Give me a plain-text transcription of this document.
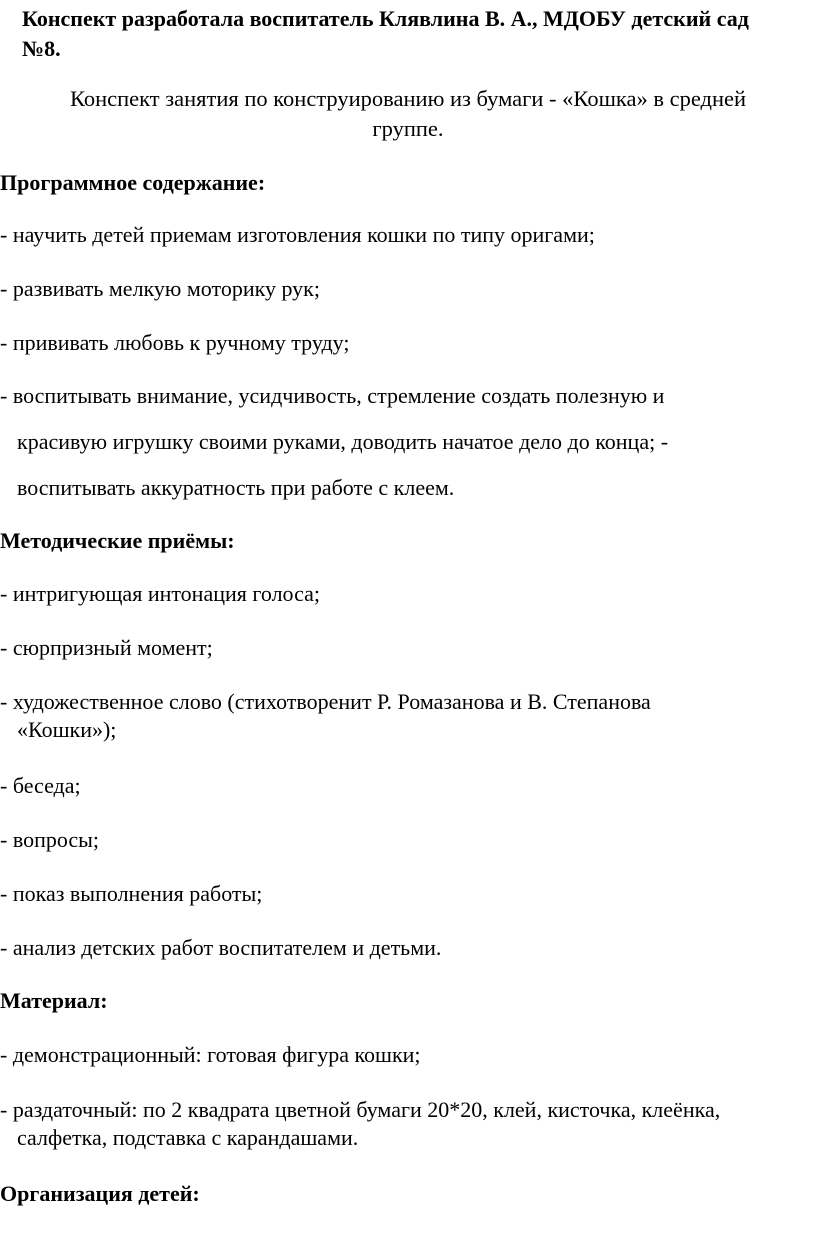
Конспект разработала воспитатель Клявлина В. А., МДОБУ детский сад
№8.

Конспект занятия по конструированию из бумаги - «Кошка» в средней
группе.

Программное содержание:

- научить детей приемам изготовления кошки по типу оригами;

- развивать мелкую моторику рук;

- прививать любовь к ручному труду;

- воспитывать внимание, усидчивость, стремление создать полезную и

красивую игрушку своими руками, доводить начатое дело до конца; -

воспитывать аккуратность при работе с клеем.

Методические приёмы:

- интригующая интонация голоса;

- сюрпризный момент;

- художественное слово (стихотворенит Р. Ромазанова и В. Степанова

«Кошки»);

- беседа;

- вопросы;

- показ выполнения работы;

- анализ детских работ воспитателем и детьми.

Материал:

- демонстрационный: готовая фигура кошки;

- раздаточный: по 2 квадрата цветной бумаги 20*20, клей, кисточка, клеёнка,

салфетка, подставка с карандашами.

Организация детей:
